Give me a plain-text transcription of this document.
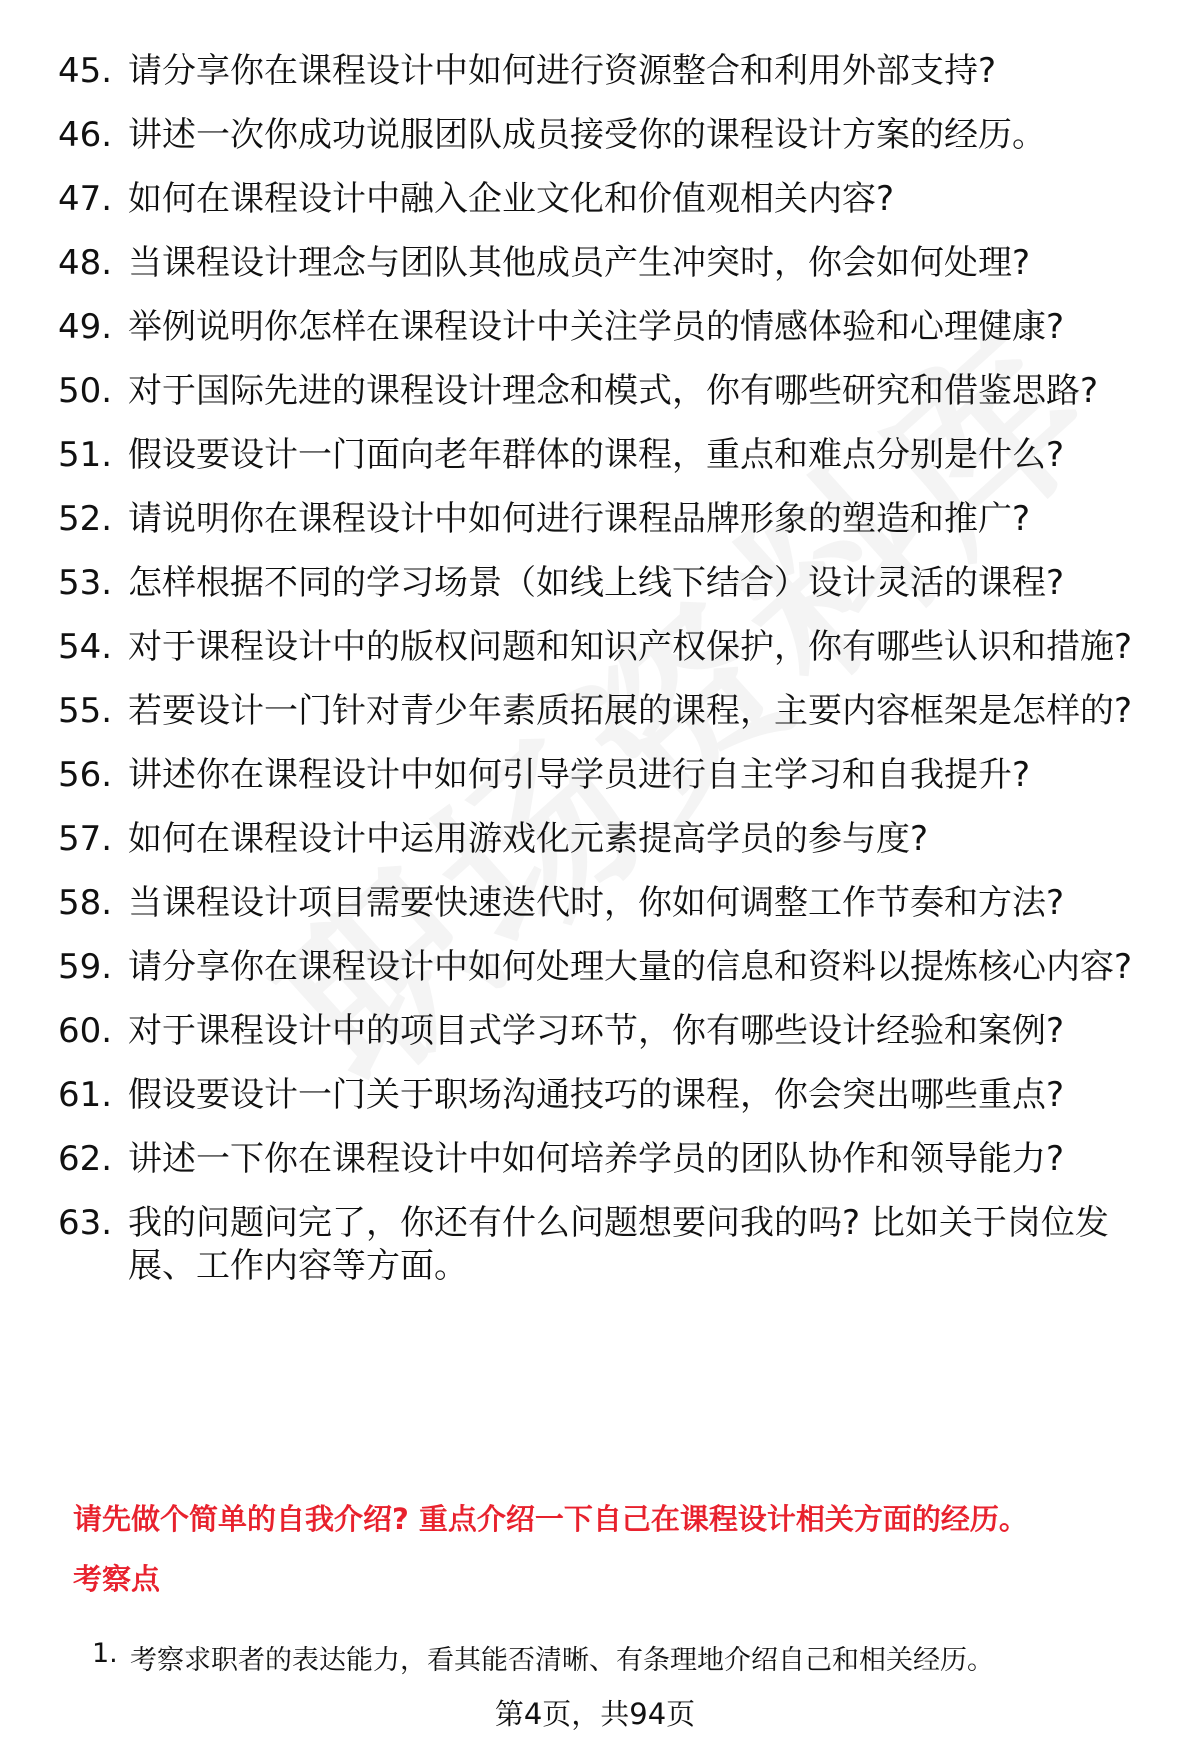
45. 请分享你在课程设计中如何进行资源整合和利用外部支持?
46. 讲述一次你成功说服团队成员接受你的课程设计方案的经历。
47. 如何在课程设计中融入企业文化和价值观相关内容?
48. 当课程设计理念与团队其他成员产生冲突时，你会如何处理?
49. 举例说明你怎样在课程设计中关注学员的情感体验和心理健康?
50. 对于国际先进的课程设计理念和模式，你有哪些研究和借鉴思路?
51. 假设要设计一门面向老年群体的课程，重点和难点分别是什么?
52. 请说明你在课程设计中如何进行课程品牌形象的塑造和推广?
53. 怎样根据不同的学习场景（如线上线下结合）设计灵活的课程?
54. 对于课程设计中的版权问题和知识产权保护，你有哪些认识和措施?
55. 若要设计一门针对青少年素质拓展的课程，主要内容框架是怎样的?
56. 讲述你在课程设计中如何引导学员进行自主学习和自我提升?
57. 如何在课程设计中运用游戏化元素提高学员的参与度?
58. 当课程设计项目需要快速迭代时，你如何调整工作节奏和方法?
59. 请分享你在课程设计中如何处理大量的信息和资料以提炼核心内容?
60. 对于课程设计中的项目式学习环节，你有哪些设计经验和案例?
61. 假设要设计一门关于职场沟通技巧的课程，你会突出哪些重点?
62. 讲述一下你在课程设计中如何培养学员的团队协作和领导能力?
63. 我的问题问完了，你还有什么问题想要问我的吗? 比如关于岗位发展、工作内容等方面。
请先做个简单的自我介绍? 重点介绍一下自己在课程设计相关方面的经历。
考察点
1. 考察求职者的表达能力，看其能否清晰、有条理地介绍自己和相关经历。
第4页，共94页
